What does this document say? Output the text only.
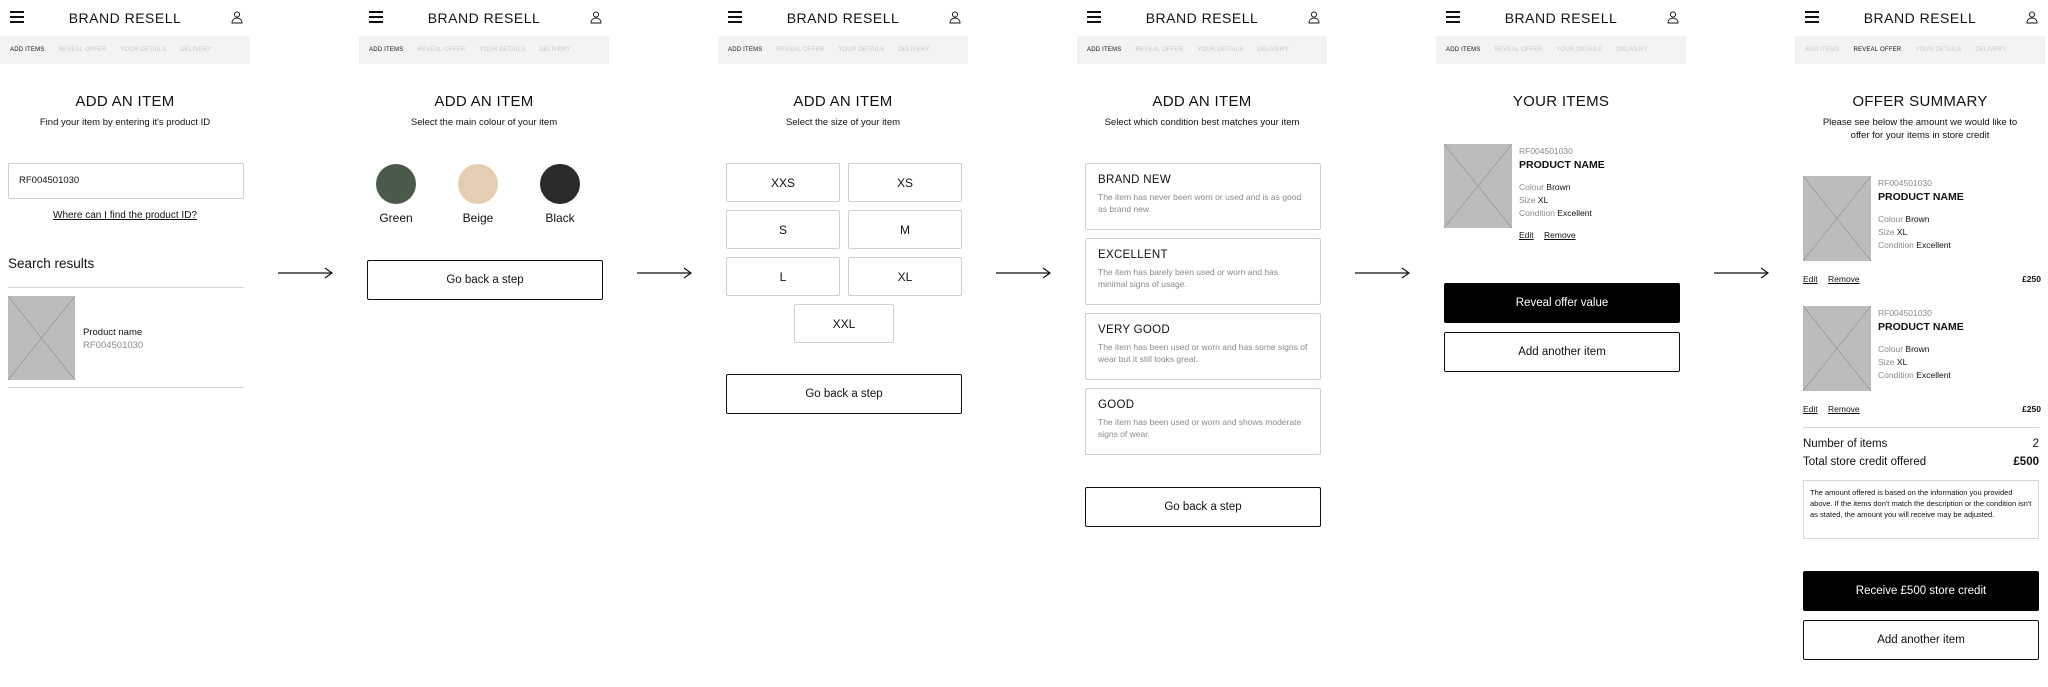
BRAND RESELL
ADD ITEMS REVEAL OFFER YOUR DETAILS DELIVERY
ADD AN ITEM
Find your item by entering it's product ID
RF004501030
Where can I find the product ID?
Search results
Product name
RF004501030
BRAND RESELL
ADD ITEMS REVEAL OFFER YOUR DETAILS DELIVERY
ADD AN ITEM
Select the main colour of your item
Green	Beige	Black
Go back a step
BRAND RESELL
ADD ITEMS REVEAL OFFER YOUR DETAILS DELIVERY
ADD AN ITEM
Select the size of your item
XXS	XS
S	M
L	XL
XXL
Go back a step
BRAND RESELL
ADD ITEMS REVEAL OFFER YOUR DETAILS DELIVERY
ADD AN ITEM
Select which condition best matches your item
BRAND NEW
The item has never been worn or used and is as good as brand new.
EXCELLENT
The item has barely been used or worn and has minimal signs of usage.
VERY GOOD
The item has been used or worn and has some signs of wear but it still looks great.
GOOD
The item has been used or worn and shows moderate signs of wear.
Go back a step
BRAND RESELL
ADD ITEMS REVEAL OFFER YOUR DETAILS DELIVERY
YOUR ITEMS
RF004501030
PRODUCT NAME
Colour Brown
Size XL
Condition Excellent
Edit Remove
Reveal offer value
Add another item
BRAND RESELL
ADD ITEMS REVEAL OFFER YOUR DETAILS DELIVERY
OFFER SUMMARY
Please see below the amount we would like to offer for your items in store credit
RF004501030
PRODUCT NAME
Colour Brown
Size XL
Condition Excellent
Edit Remove	£250
RF004501030
PRODUCT NAME
Colour Brown
Size XL
Condition Excellent
Edit Remove	£250
Number of items	2
Total store credit offered	£500
The amount offered is based on the information you provided above. If the items don't match the description or the condition isn't as stated, the amount you will receive may be adjusted.
Receive £500 store credit
Add another item
